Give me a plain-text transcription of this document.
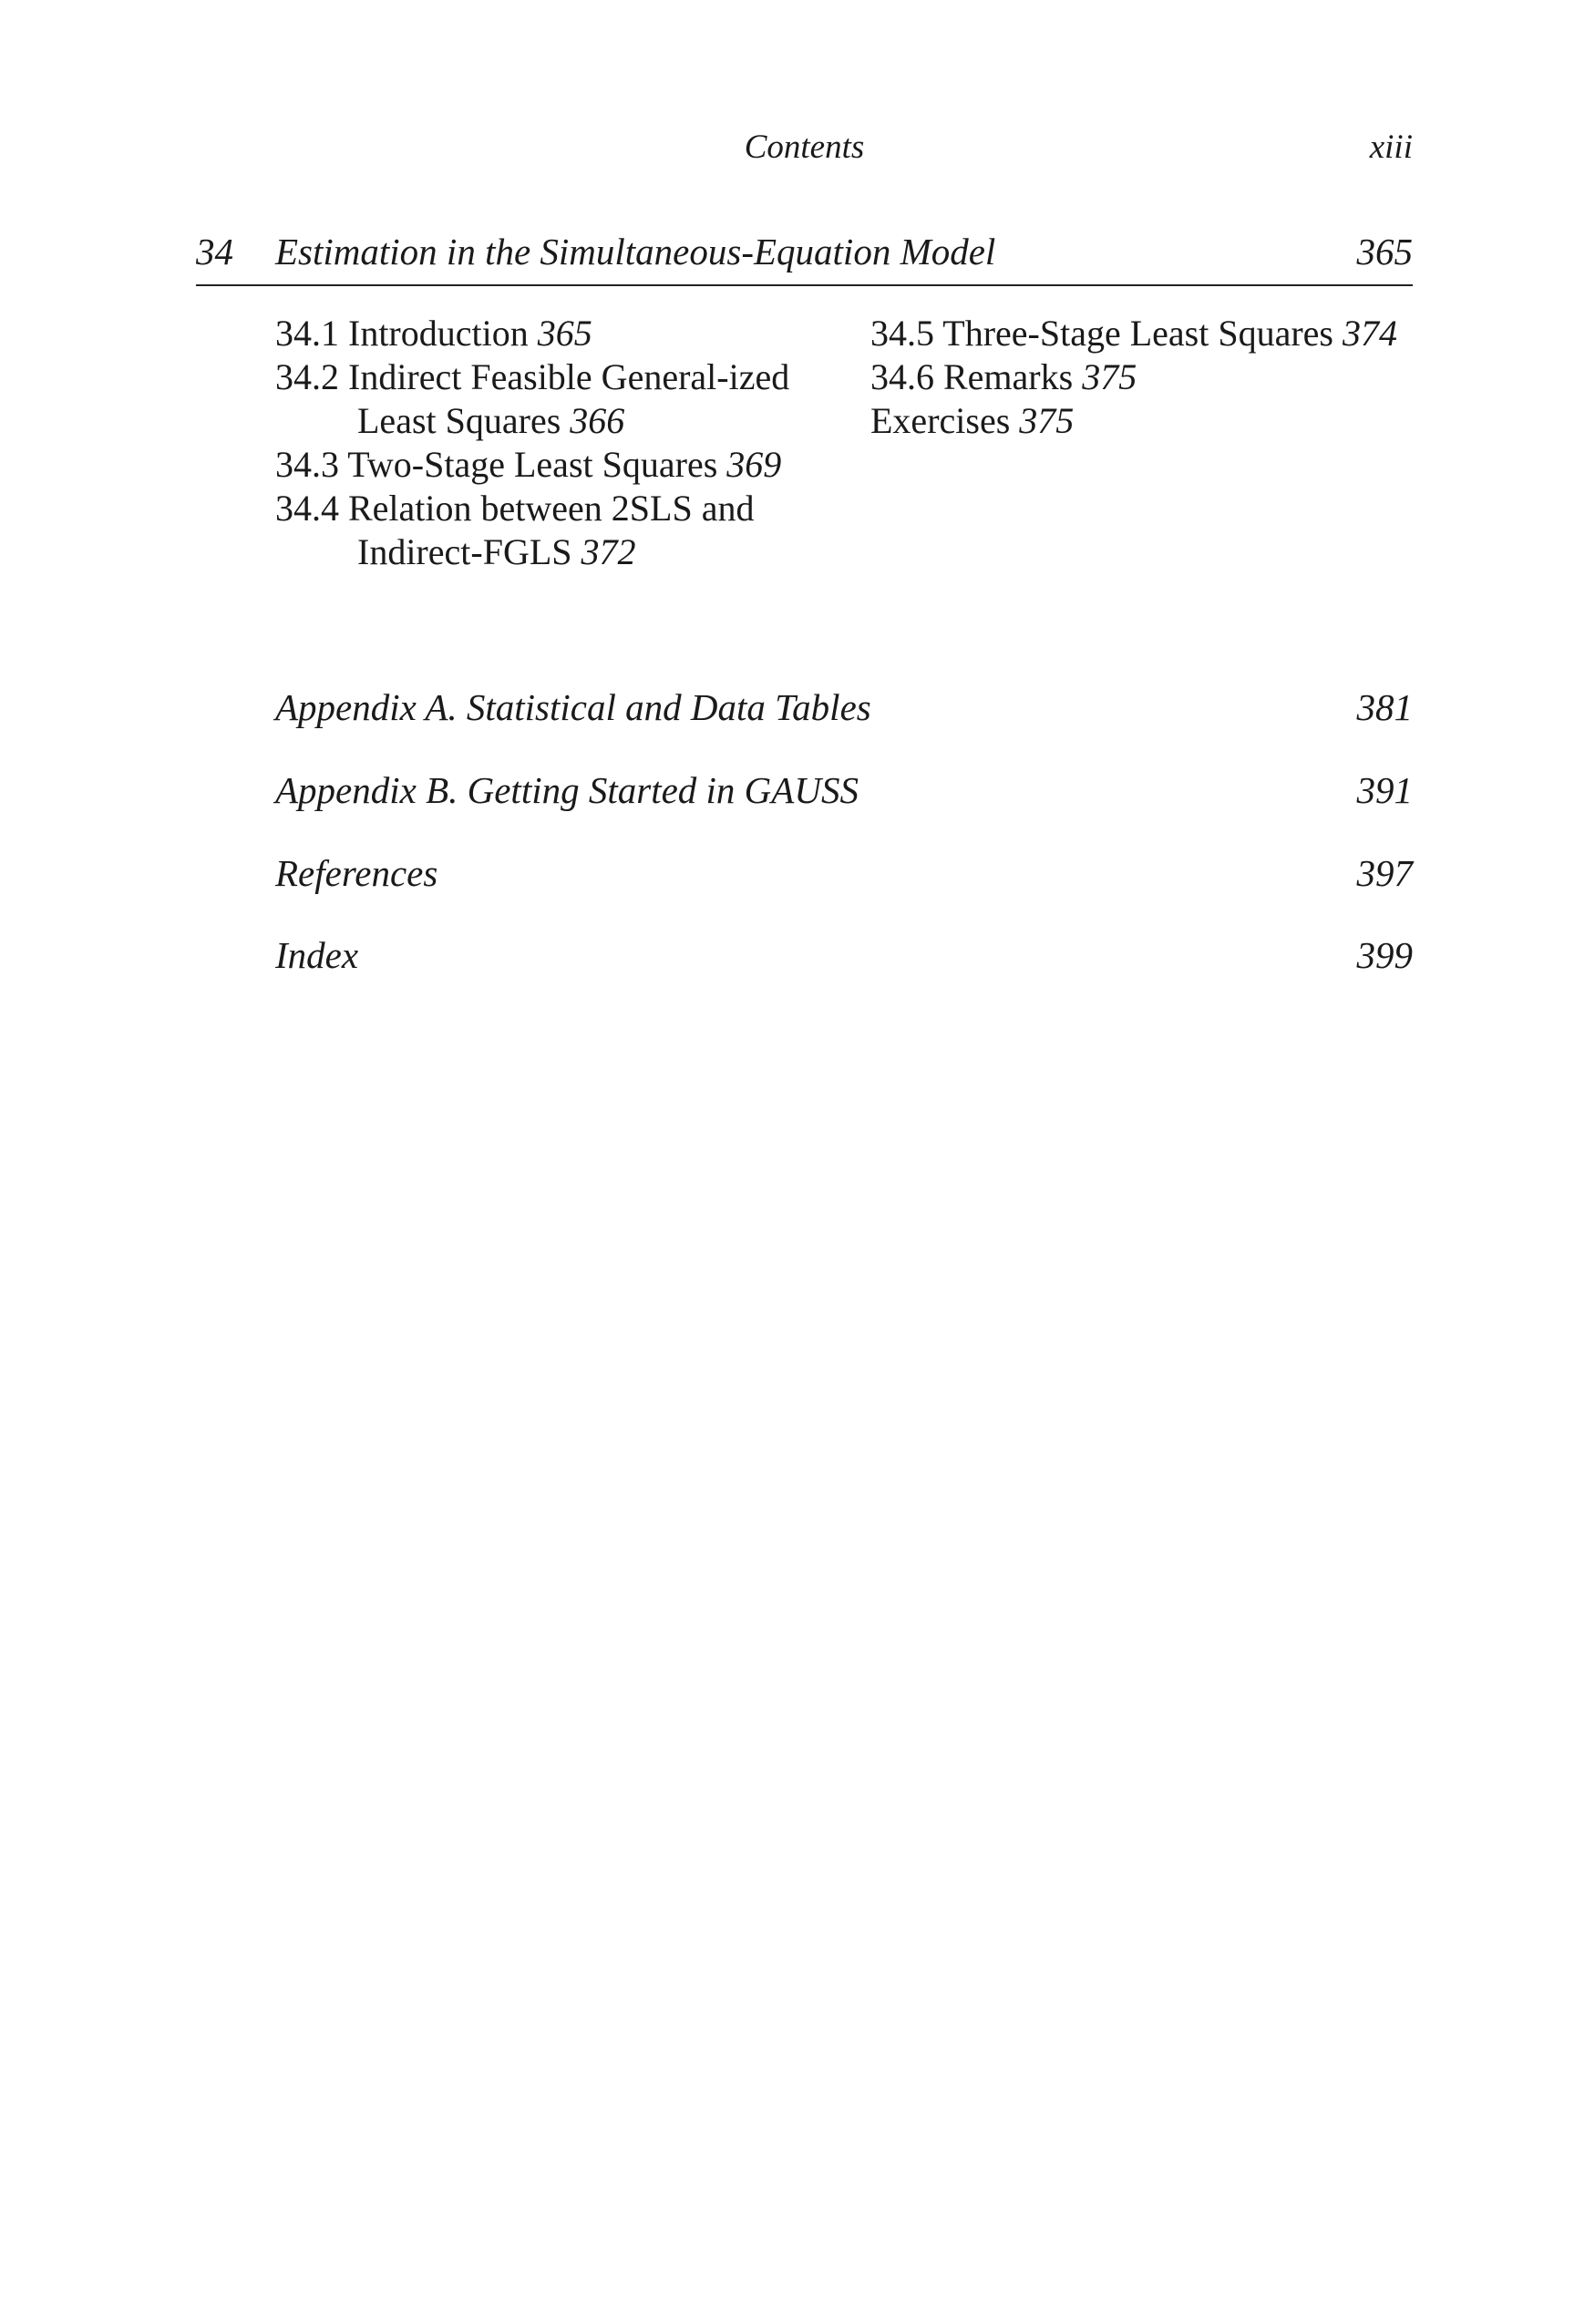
Contents	xiii
34 Estimation in the Simultaneous-Equation Model	365

34.1 Introduction 365

34.2 Indirect Feasible General-ized Least Squares 366

34.3 Two-Stage Least Squares 369

34.4 Relation between 2SLS and Indirect-FGLS 372

34.5 Three-Stage Least Squares 374

34.6 Remarks 375

Exercises 375

Appendix A. Statistical and Data Tables	381
Appendix B. Getting Started in GAUSS	391
References	397
Index	399
